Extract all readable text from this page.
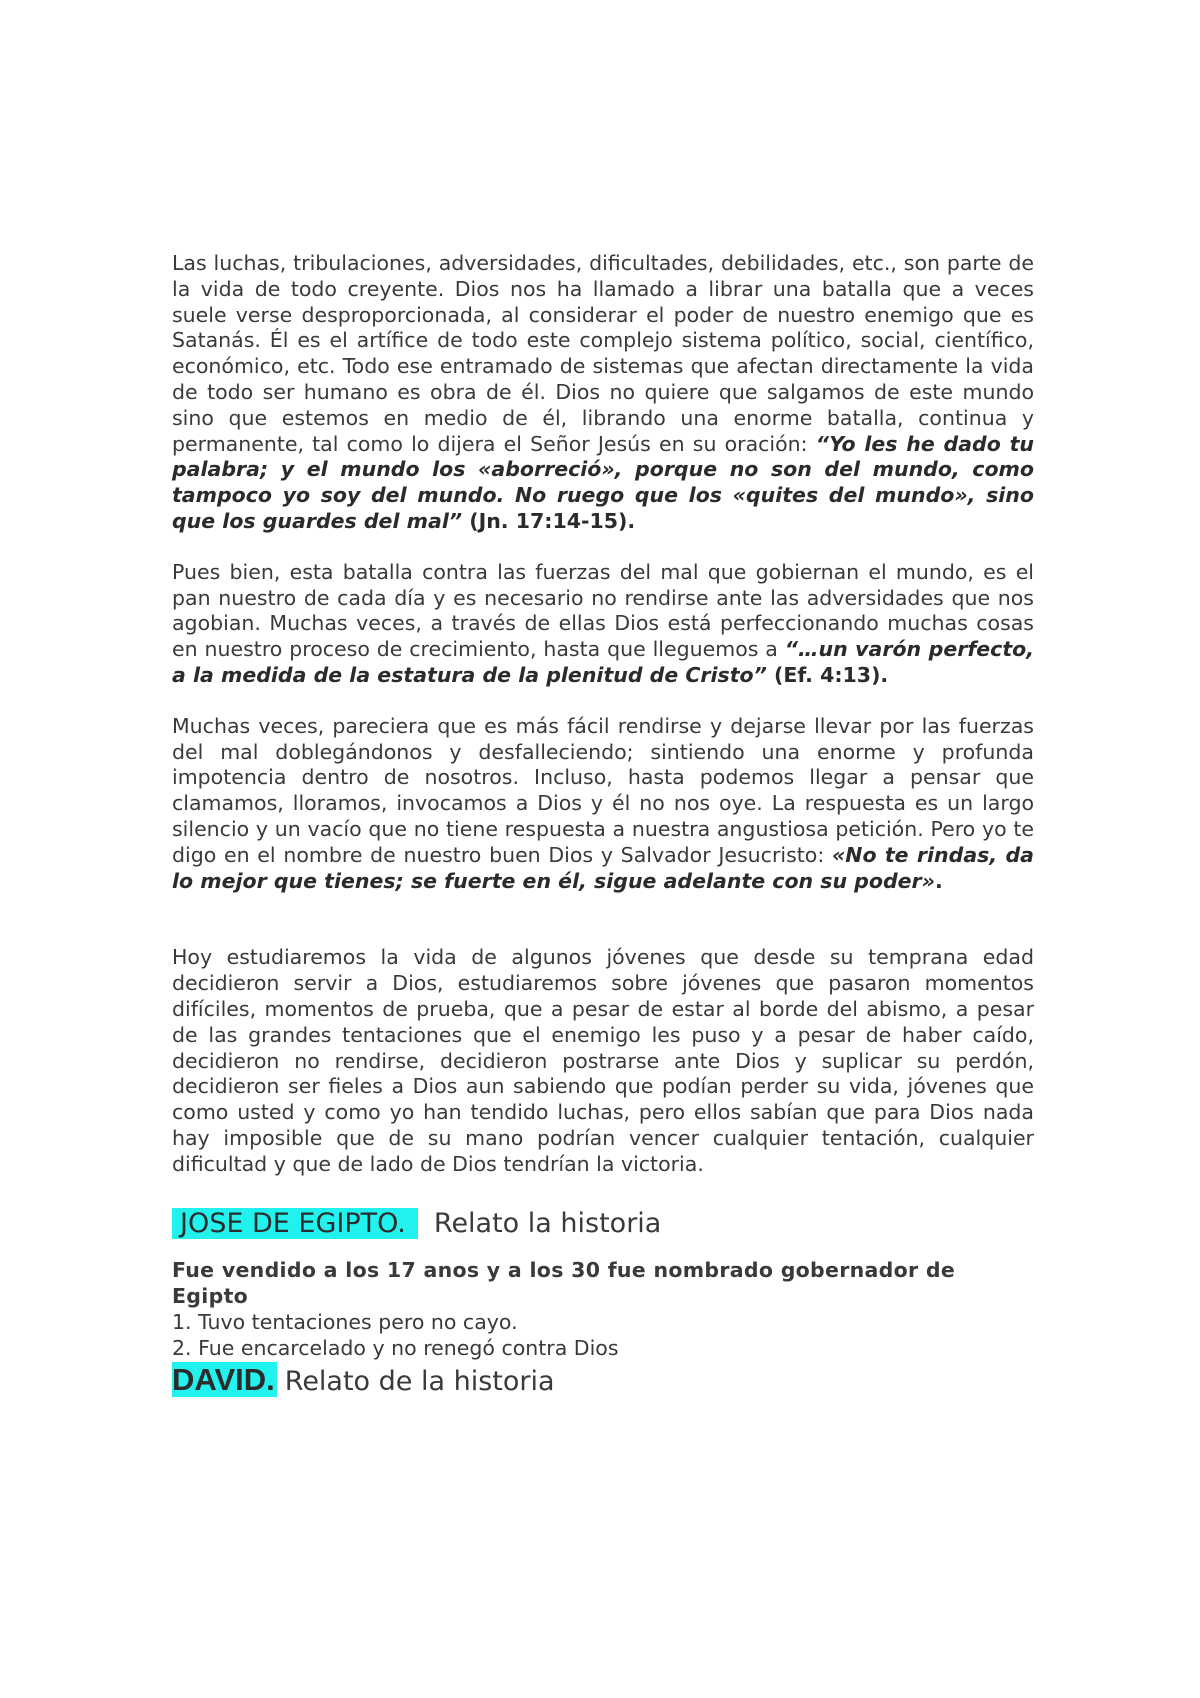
Las luchas, tribulaciones, adversidades, dificultades, debilidades, etc., son parte de la vida de todo creyente. Dios nos ha llamado a librar una batalla que a veces suele verse desproporcionada, al considerar el poder de nuestro enemigo que es Satanás. Él es el artífice de todo este complejo sistema político, social, científico, económico, etc. Todo ese entramado de sistemas que afectan directamente la vida de todo ser humano es obra de él. Dios no quiere que salgamos de este mundo sino que estemos en medio de él, librando una enorme batalla, continua y permanente, tal como lo dijera el Señor Jesús en su oración: “Yo les he dado tu palabra; y el mundo los «aborreció», porque no son del mundo, como tampoco yo soy del mundo. No ruego que los «quites del mundo», sino que los guardes del mal” (Jn. 17:14-15).

Pues bien, esta batalla contra las fuerzas del mal que gobiernan el mundo, es el pan nuestro de cada día y es necesario no rendirse ante las adversidades que nos agobian. Muchas veces, a través de ellas Dios está perfeccionando muchas cosas en nuestro proceso de crecimiento, hasta que lleguemos a “…un varón perfecto, a la medida de la estatura de la plenitud de Cristo” (Ef. 4:13).

Muchas veces, pareciera que es más fácil rendirse y dejarse llevar por las fuerzas del mal doblegándonos y desfalleciendo; sintiendo una enorme y profunda impotencia dentro de nosotros. Incluso, hasta podemos llegar a pensar que clamamos, lloramos, invocamos a Dios y él no nos oye. La respuesta es un largo silencio y un vacío que no tiene respuesta a nuestra angustiosa petición. Pero yo te digo en el nombre de nuestro buen Dios y Salvador Jesucristo: «No te rindas, da lo mejor que tienes; se fuerte en él, sigue adelante con su poder».

Hoy estudiaremos la vida de algunos jóvenes que desde su temprana edad decidieron servir a Dios, estudiaremos sobre jóvenes que pasaron momentos difíciles, momentos de prueba, que a pesar de estar al borde del abismo, a pesar de las grandes tentaciones que el enemigo les puso y a pesar de haber caído, decidieron no rendirse, decidieron postrarse ante Dios y suplicar su perdón, decidieron ser fieles a Dios aun sabiendo que podían perder su vida, jóvenes que como usted y como yo han tendido luchas, pero ellos sabían que para Dios nada hay imposible que de su mano podrían vencer cualquier tentación, cualquier dificultad y que de lado de Dios tendrían la victoria.

JOSE DE EGIPTO. Relato la historia
Fue vendido a los 17 anos y a los 30 fue nombrado gobernador de Egipto
1. Tuvo tentaciones pero no cayo.
2. Fue encarcelado y no renegó contra Dios
DAVID. Relato de la historia
